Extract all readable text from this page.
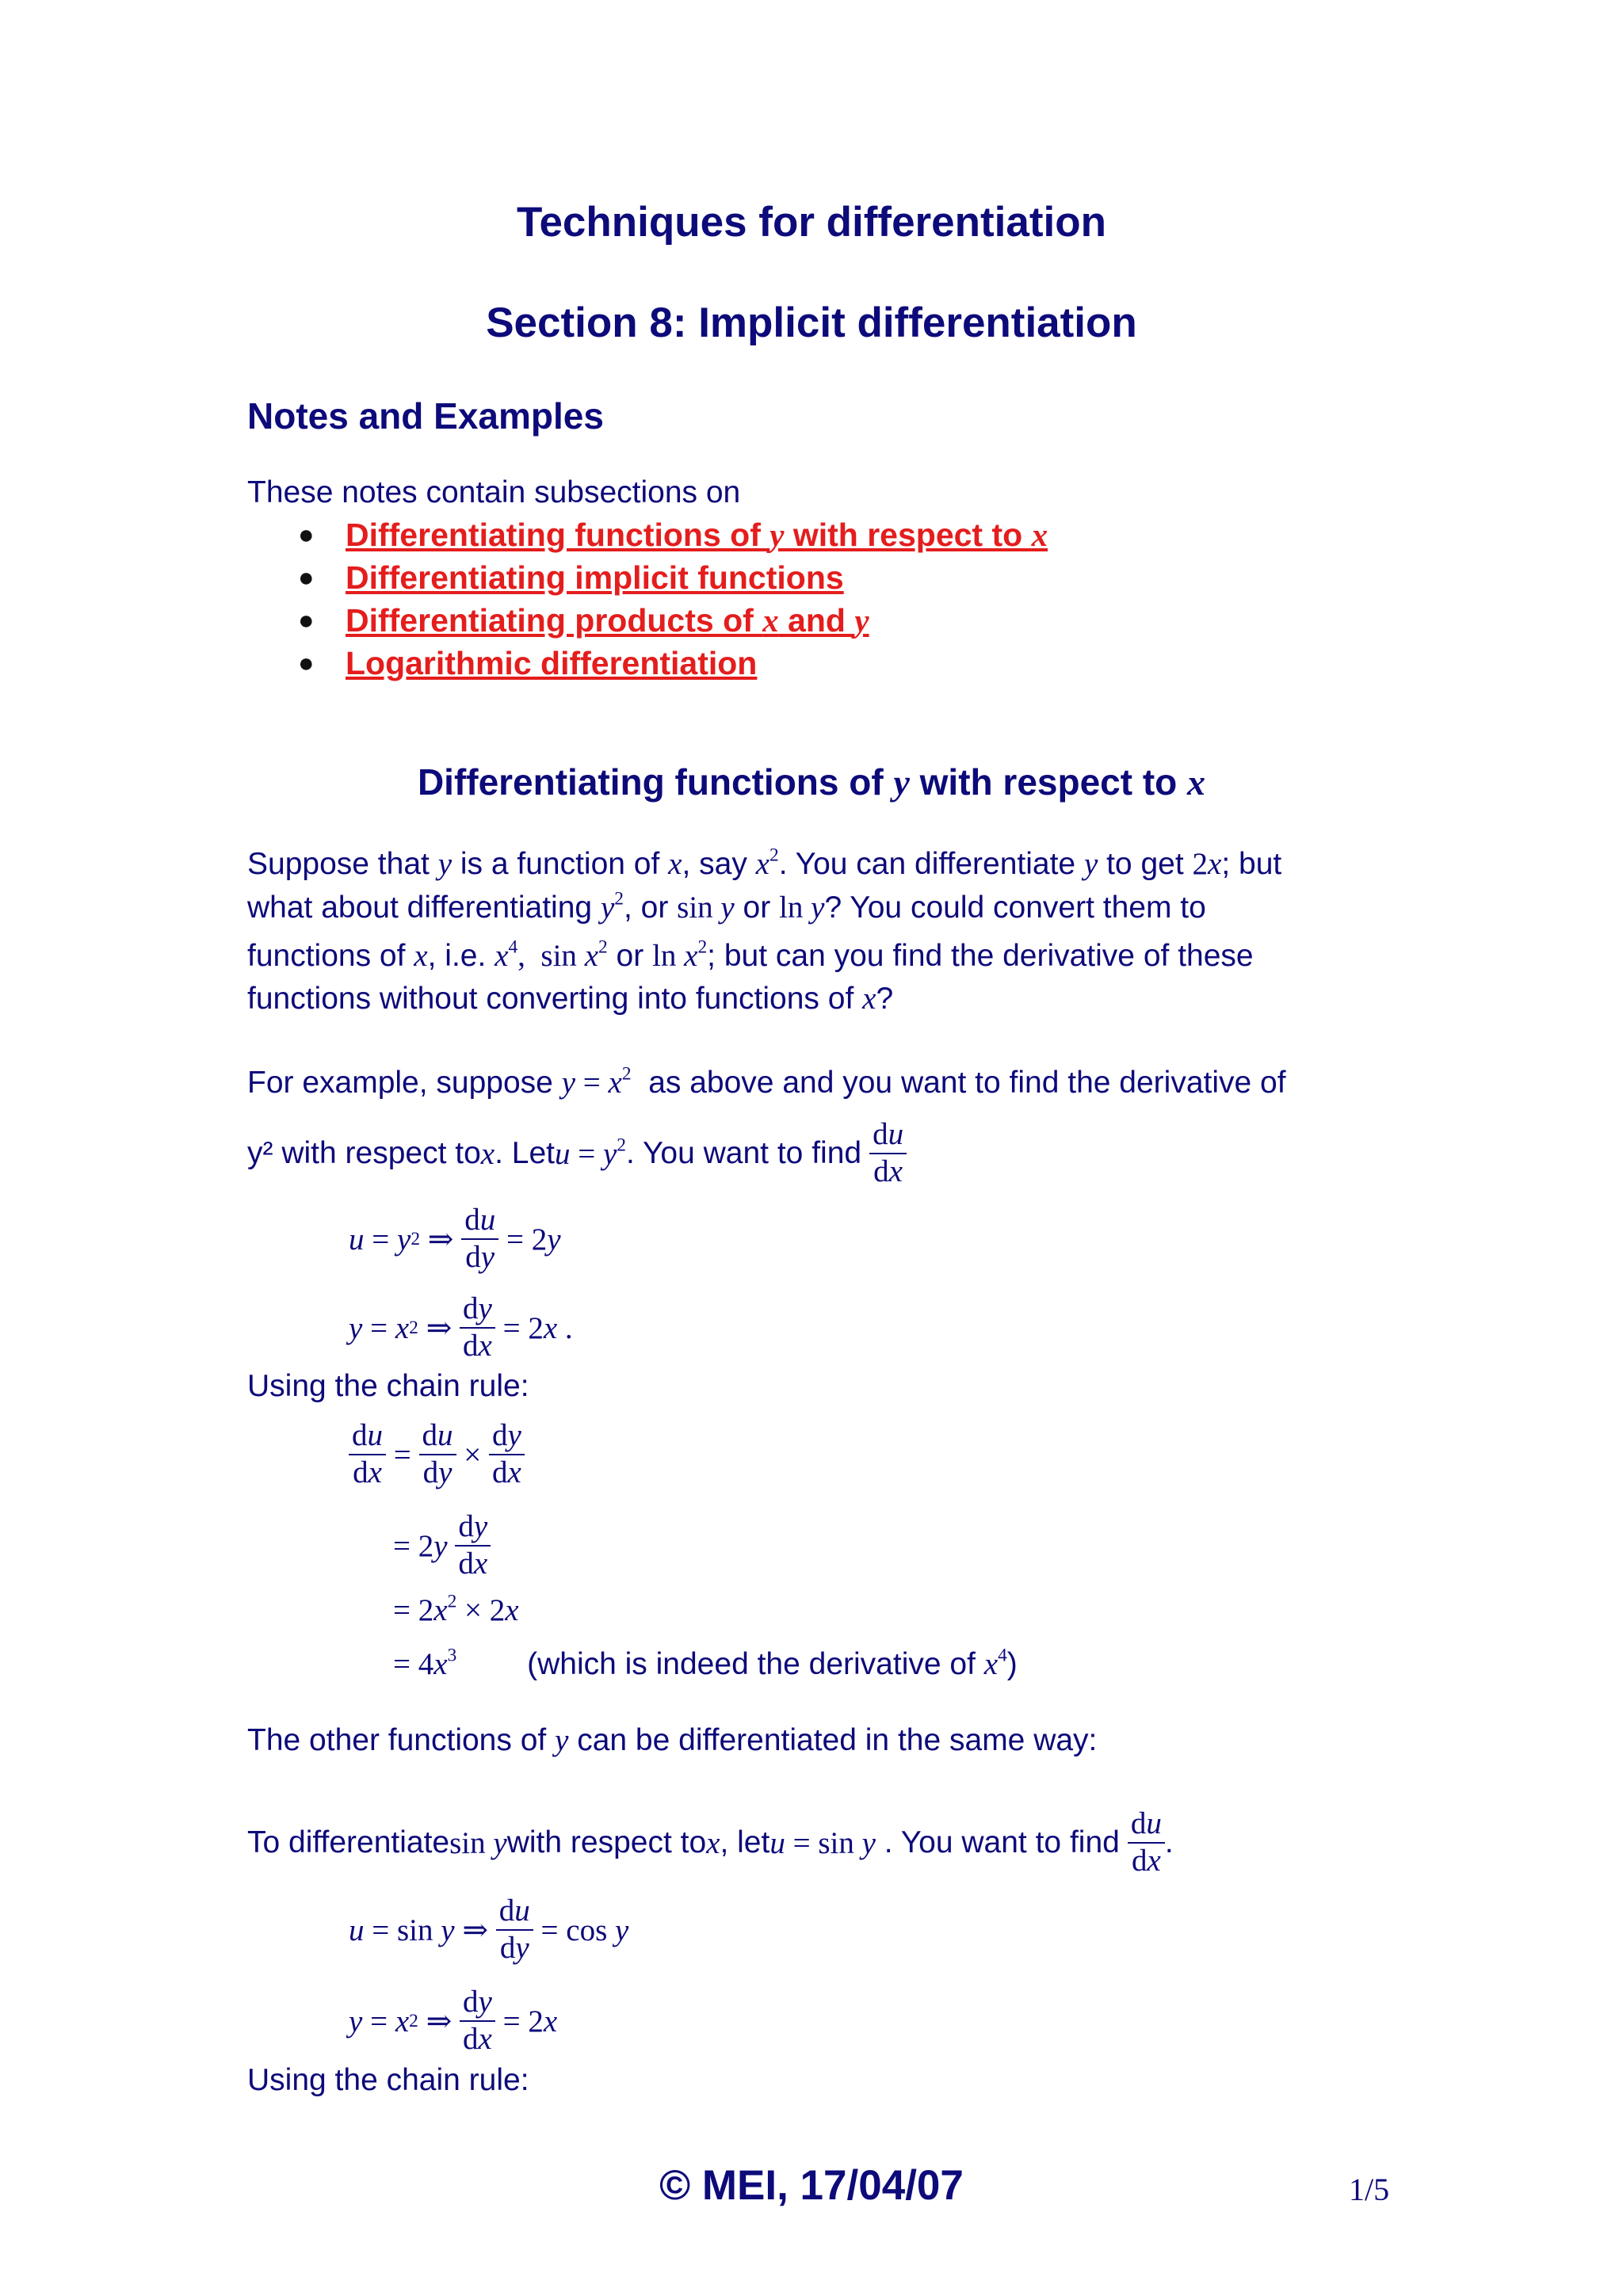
Techniques for differentiation
Section 8: Implicit differentiation
Notes and Examples
These notes contain subsections on
● Differentiating functions of y with respect to x
● Differentiating implicit functions
● Differentiating products of x and y
● Logarithmic differentiation
Differentiating functions of y with respect to x
Suppose that y is a function of x, say $x^2$. You can differentiate y to get 2x; but
what about differentiating $y^2$, or sin y or ln y? You could convert them to
functions of x, i.e. $x^4$,  $\sin x^2$ or $\ln x^2$; but can you find the derivative of these
functions without converting into functions of x?
For example, suppose $y = x^2$  as above and you want to find the derivative of
y² with respect to x . Let $u = y^2$ . You want to find $\frac{du}{dx}$
u = y 2 ⇒ $\frac{du}{dy} = 2$ y
y = x 2 ⇒ $\frac{dy}{dx} = 2$ x .
Using the chain rule:
$\frac{du}{dx} = \frac{du}{dy} \times \frac{dy}{dx}$
= 2 y
$\frac{dy}{dx}$
= $2x^2 \times 2x$
= $4x^3$ (which is indeed the derivative of $x^4$)
The other functions of y can be differentiated in the same way:
To differentiate sin y with respect to x , let u = sin y
. You want to find $\frac{du}{dx}$ .
u = sin y ⇒ $\frac{du}{dy} = \cos y$
y = x 2 ⇒ $\frac{dy}{dx} = 2$ x
Using the chain rule:
© MEI, 17/04/07	1/5
